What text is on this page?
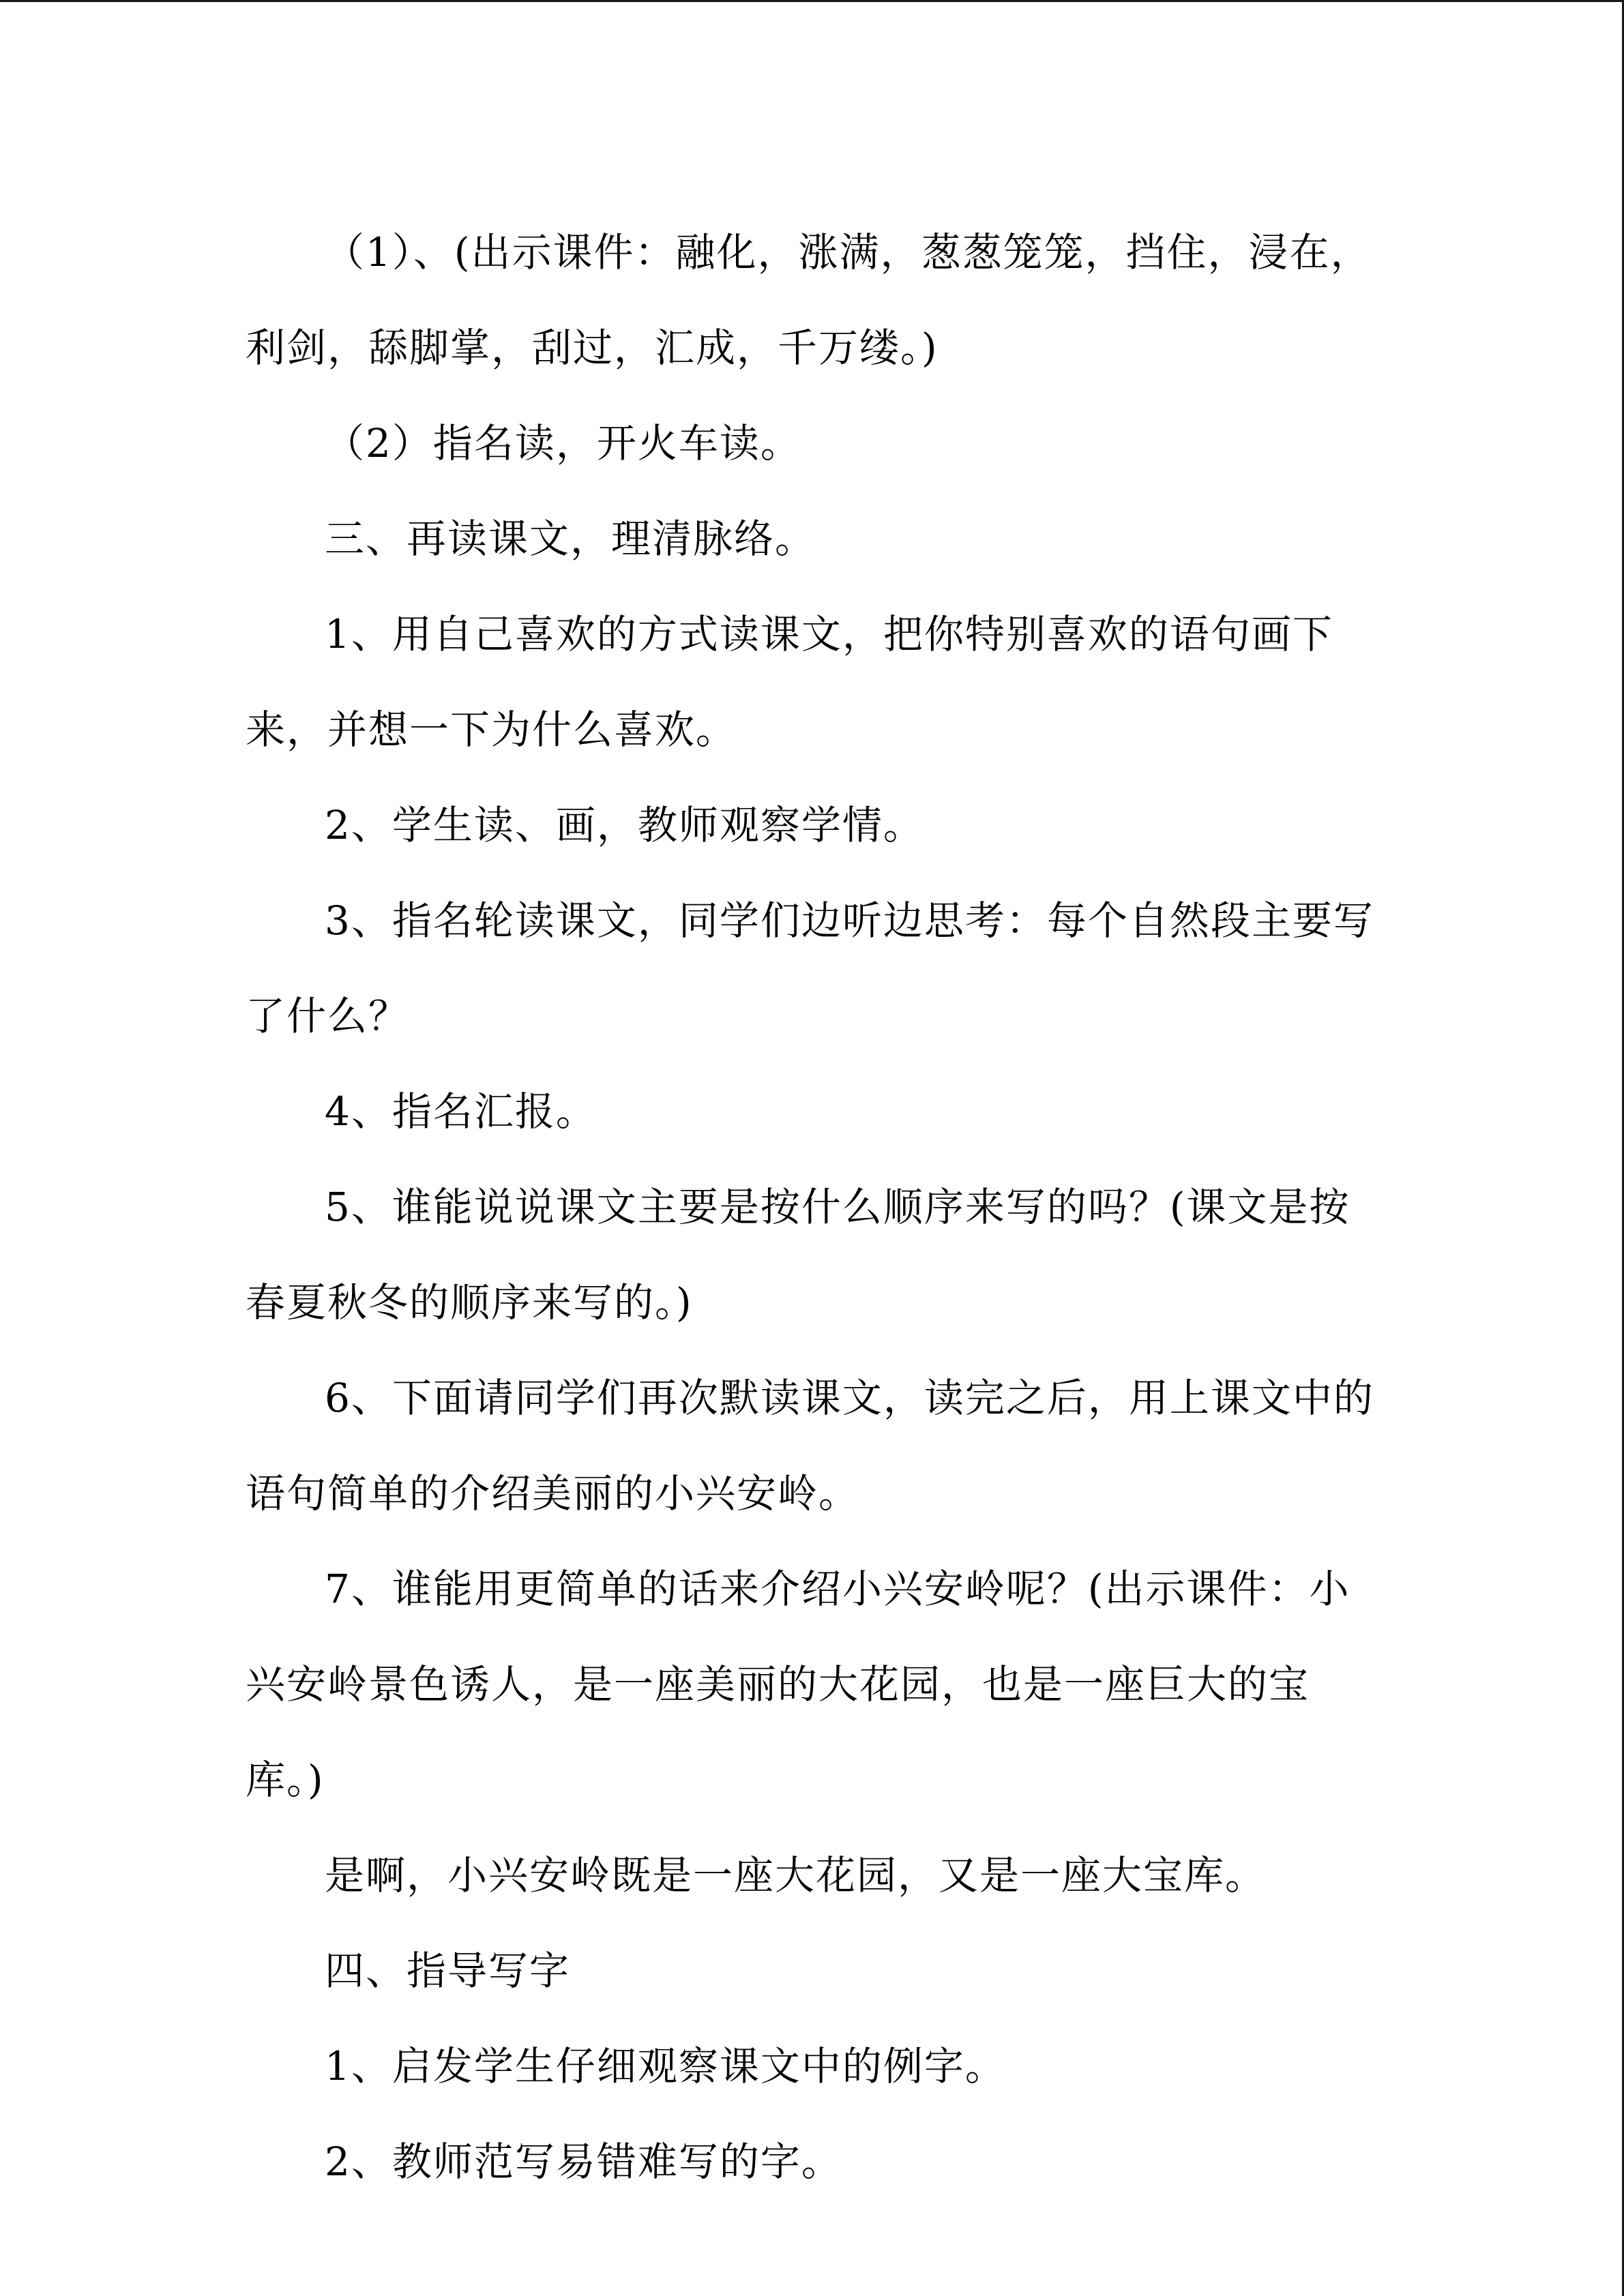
（1）、(出示课件：融化，涨满，葱葱笼笼，挡住，浸在，利剑，舔脚掌，刮过，汇成，千万缕。)

（2）指名读，开火车读。

三、再读课文，理清脉络。

1、用自己喜欢的方式读课文，把你特别喜欢的语句画下来，并想一下为什么喜欢。

2、学生读、画，教师观察学情。

3、指名轮读课文，同学们边听边思考：每个自然段主要写了什么？

4、指名汇报。

5、谁能说说课文主要是按什么顺序来写的吗？(课文是按春夏秋冬的顺序来写的。)

6、下面请同学们再次默读课文，读完之后，用上课文中的语句简单的介绍美丽的小兴安岭。

7、谁能用更简单的话来介绍小兴安岭呢？(出示课件：小兴安岭景色诱人，是一座美丽的大花园，也是一座巨大的宝库。)

是啊，小兴安岭既是一座大花园，又是一座大宝库。

四、指导写字

1、启发学生仔细观察课文中的例字。

2、教师范写易错难写的字。
